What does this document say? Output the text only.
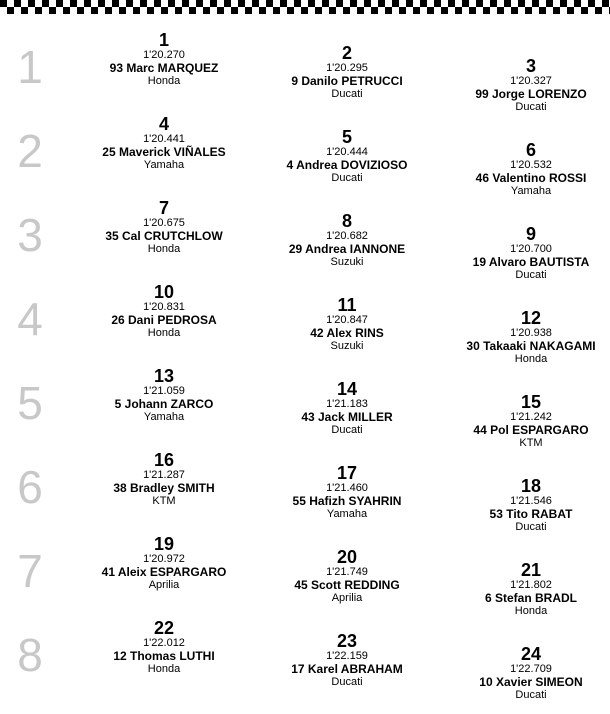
1
1
1'20.270
93 Marc MARQUEZ
Honda
2
1'20.295
9 Danilo PETRUCCI
Ducati
3
1'20.327
99 Jorge LORENZO
Ducati
2
4
1'20.441
25 Maverick VIÑALES
Yamaha
5
1'20.444
4 Andrea DOVIZIOSO
Ducati
6
1'20.532
46 Valentino ROSSI
Yamaha
3
7
1'20.675
35 Cal CRUTCHLOW
Honda
8
1'20.682
29 Andrea IANNONE
Suzuki
9
1'20.700
19 Alvaro BAUTISTA
Ducati
4
10
1'20.831
26 Dani PEDROSA
Honda
11
1'20.847
42 Alex RINS
Suzuki
12
1'20.938
30 Takaaki NAKAGAMI
Honda
5
13
1'21.059
5 Johann ZARCO
Yamaha
14
1'21.183
43 Jack MILLER
Ducati
15
1'21.242
44 Pol ESPARGARO
KTM
6
16
1'21.287
38 Bradley SMITH
KTM
17
1'21.460
55 Hafizh SYAHRIN
Yamaha
18
1'21.546
53 Tito RABAT
Ducati
7
19
1'20.972
41 Aleix ESPARGARO
Aprilia
20
1'21.749
45 Scott REDDING
Aprilia
21
1'21.802
6 Stefan BRADL
Honda
8
22
1'22.012
12 Thomas LUTHI
Honda
23
1'22.159
17 Karel ABRAHAM
Ducati
24
1'22.709
10 Xavier SIMEON
Ducati
